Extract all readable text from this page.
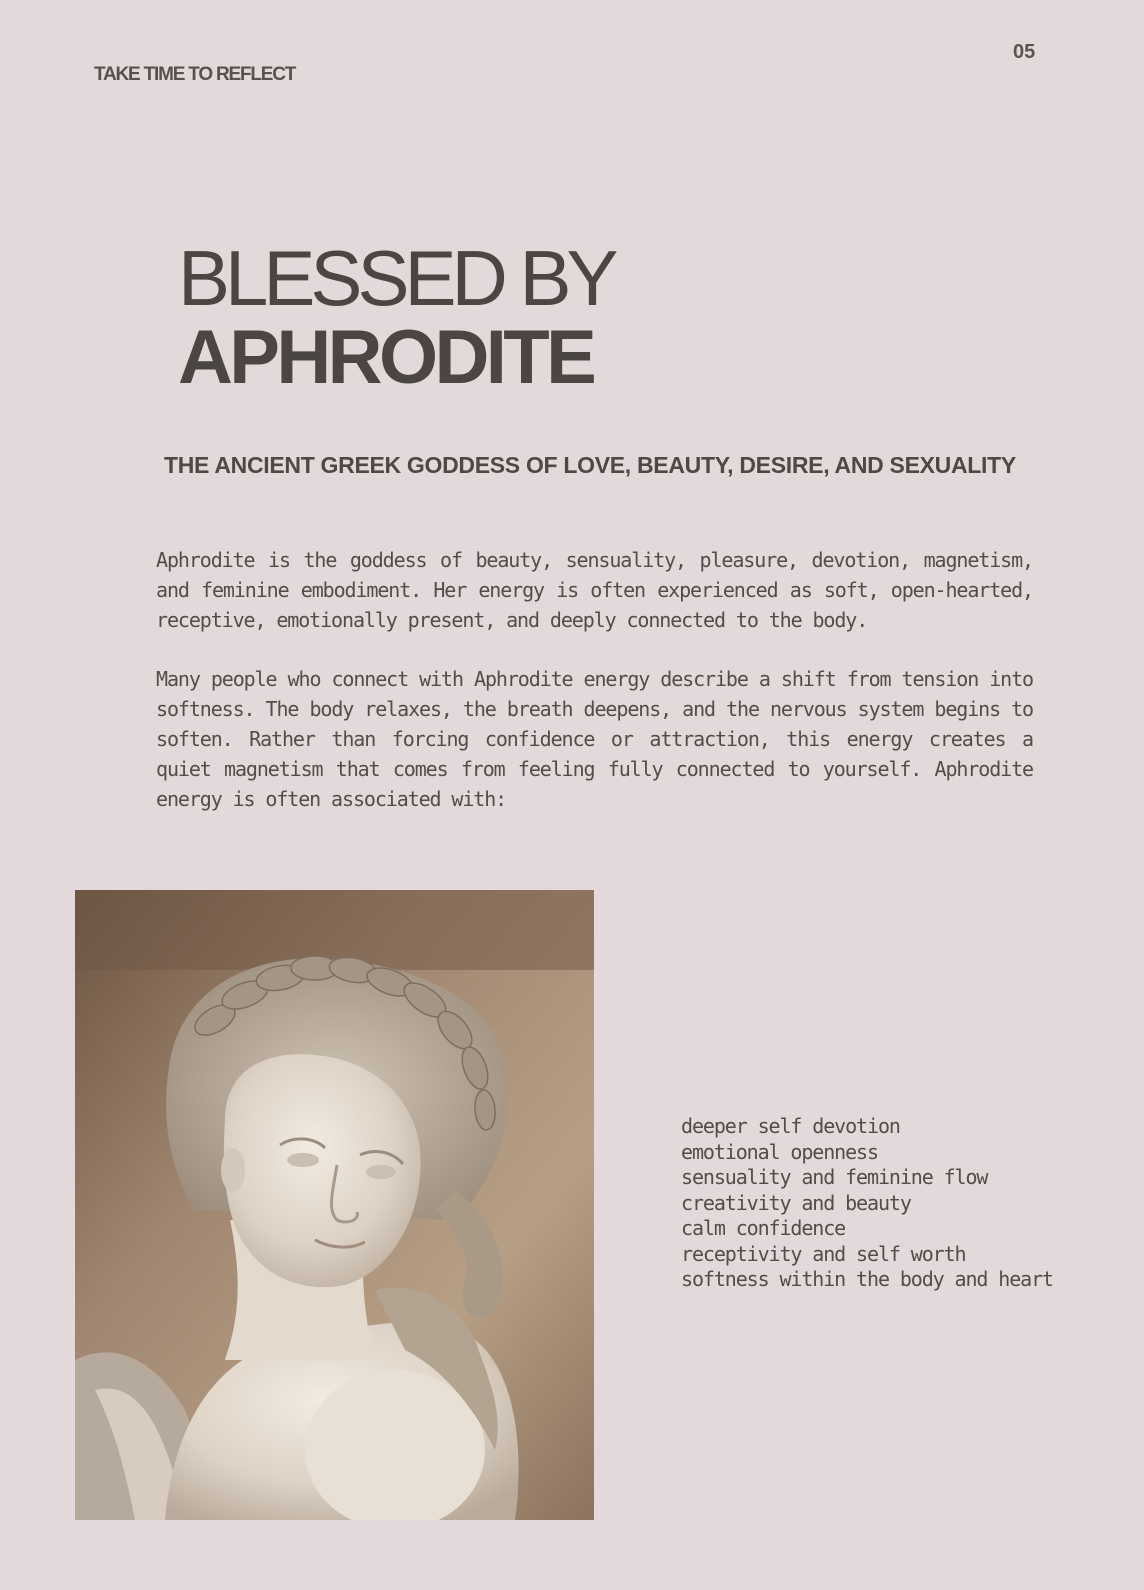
TAKE TIME TO REFLECT

05

BLESSED BY
APHRODITE
THE ANCIENT GREEK GODDESS OF LOVE, BEAUTY, DESIRE, AND SEXUALITY

Aphrodite is the goddess of beauty, sensuality, pleasure, devotion, magnetism, and feminine embodiment. Her energy is often experienced as soft, open-hearted, receptive, emotionally present, and deeply connected to the body.

Many people who connect with Aphrodite energy describe a shift from tension into softness. The body relaxes, the breath deepens, and the nervous system begins to soften. Rather than forcing confidence or attraction, this energy creates a quiet magnetism that comes from feeling fully connected to yourself. Aphrodite energy is often associated with:

deeper self devotion
emotional openness
sensuality and feminine flow
creativity and beauty
calm confidence
receptivity and self worth
softness within the body and heart
